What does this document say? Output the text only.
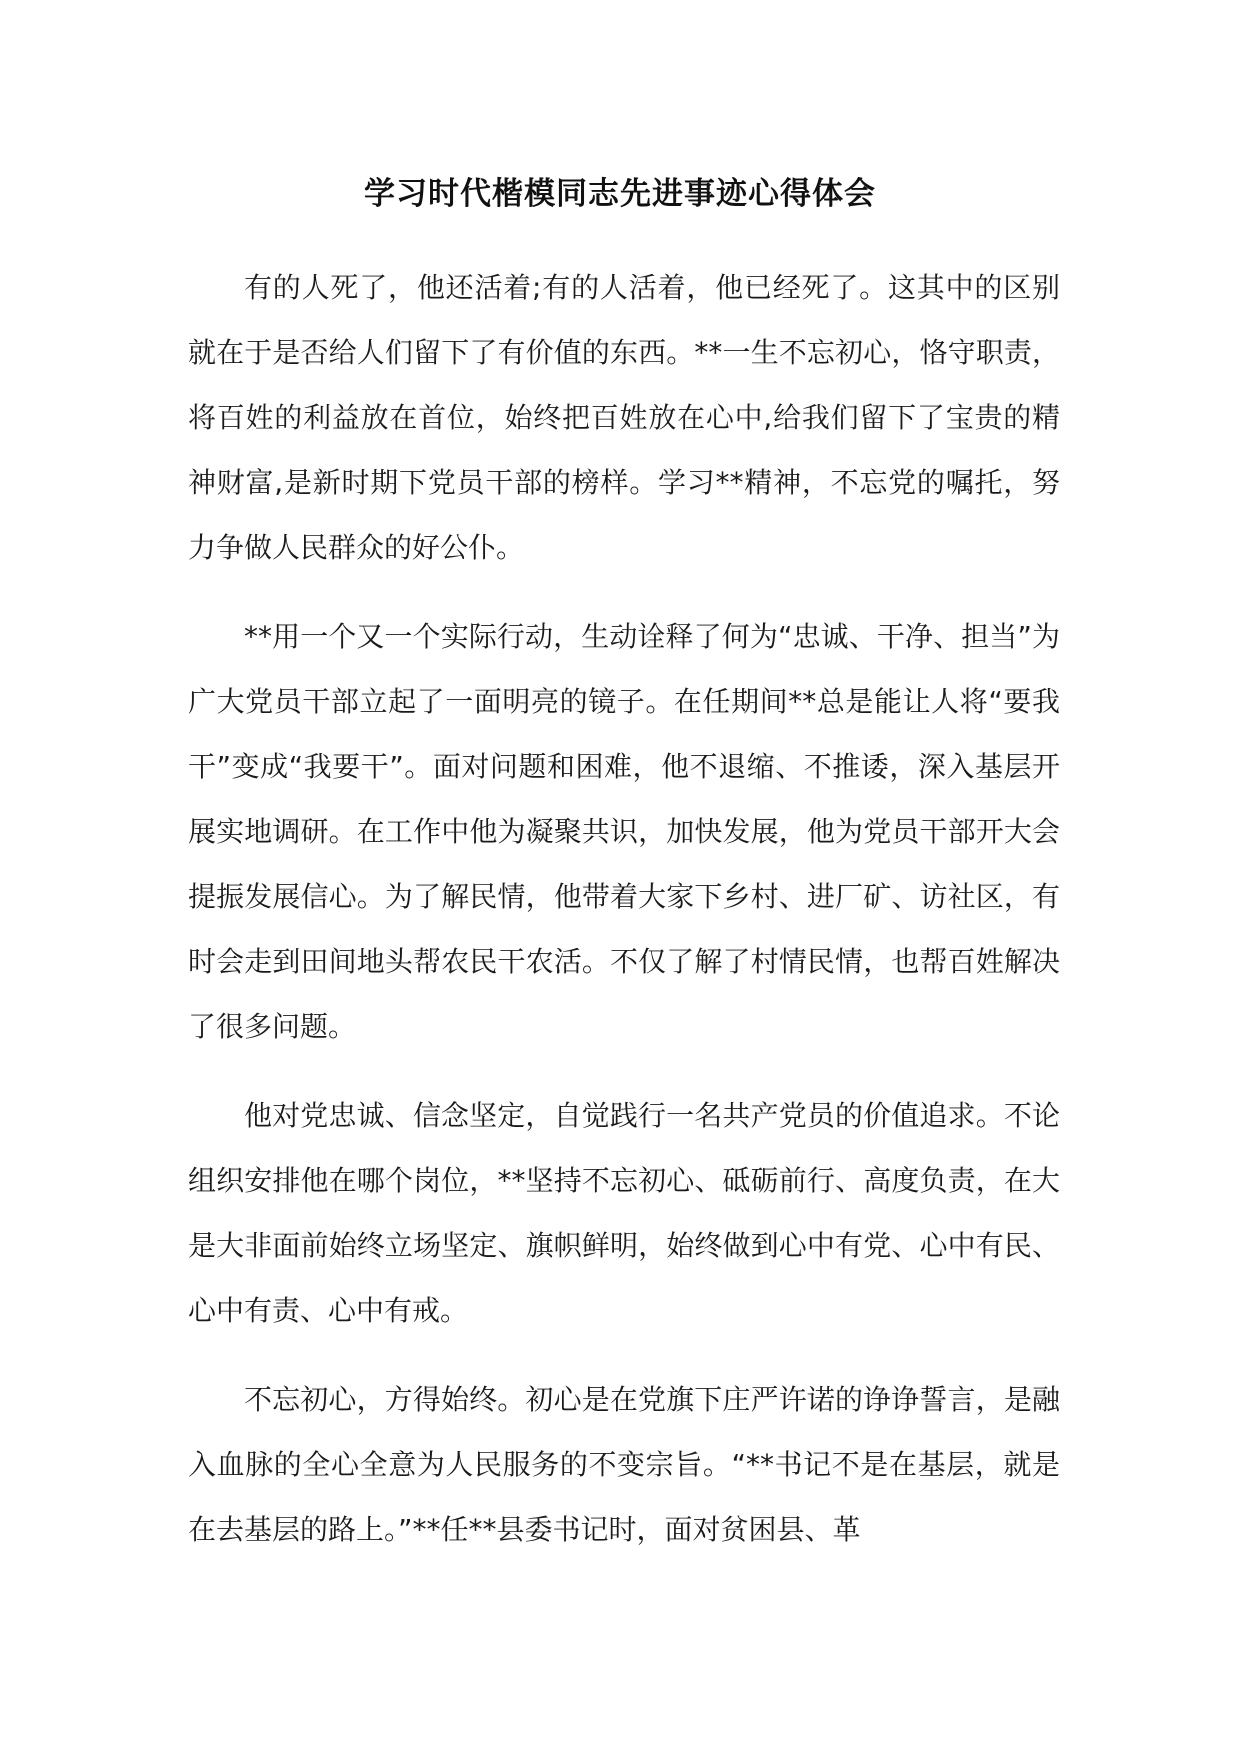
学习时代楷模同志先进事迹心得体会

有的人死了，他还活着;有的人活着，他已经死了。这其中的区别就在于是否给人们留下了有价值的东西。**一生不忘初心，恪守职责，将百姓的利益放在首位，始终把百姓放在心中,给我们留下了宝贵的精神财富,是新时期下党员干部的榜样。学习**精神，不忘党的嘱托，努力争做人民群众的好公仆。

**用一个又一个实际行动，生动诠释了何为“忠诚、干净、担当”为广大党员干部立起了一面明亮的镜子。在任期间**总是能让人将“要我干”变成“我要干”。面对问题和困难，他不退缩、不推诿，深入基层开展实地调研。在工作中他为凝聚共识，加快发展，他为党员干部开大会提振发展信心。为了解民情，他带着大家下乡村、进厂矿、访社区，有时会走到田间地头帮农民干农活。不仅了解了村情民情，也帮百姓解决了很多问题。

他对党忠诚、信念坚定，自觉践行一名共产党员的价值追求。不论组织安排他在哪个岗位，**坚持不忘初心、砥砺前行、高度负责，在大是大非面前始终立场坚定、旗帜鲜明，始终做到心中有党、心中有民、心中有责、心中有戒。

不忘初心，方得始终。初心是在党旗下庄严许诺的诤诤誓言，是融入血脉的全心全意为人民服务的不变宗旨。“**书记不是在基层，就是在去基层的路上。”**任**县委书记时，面对贫困县、革
